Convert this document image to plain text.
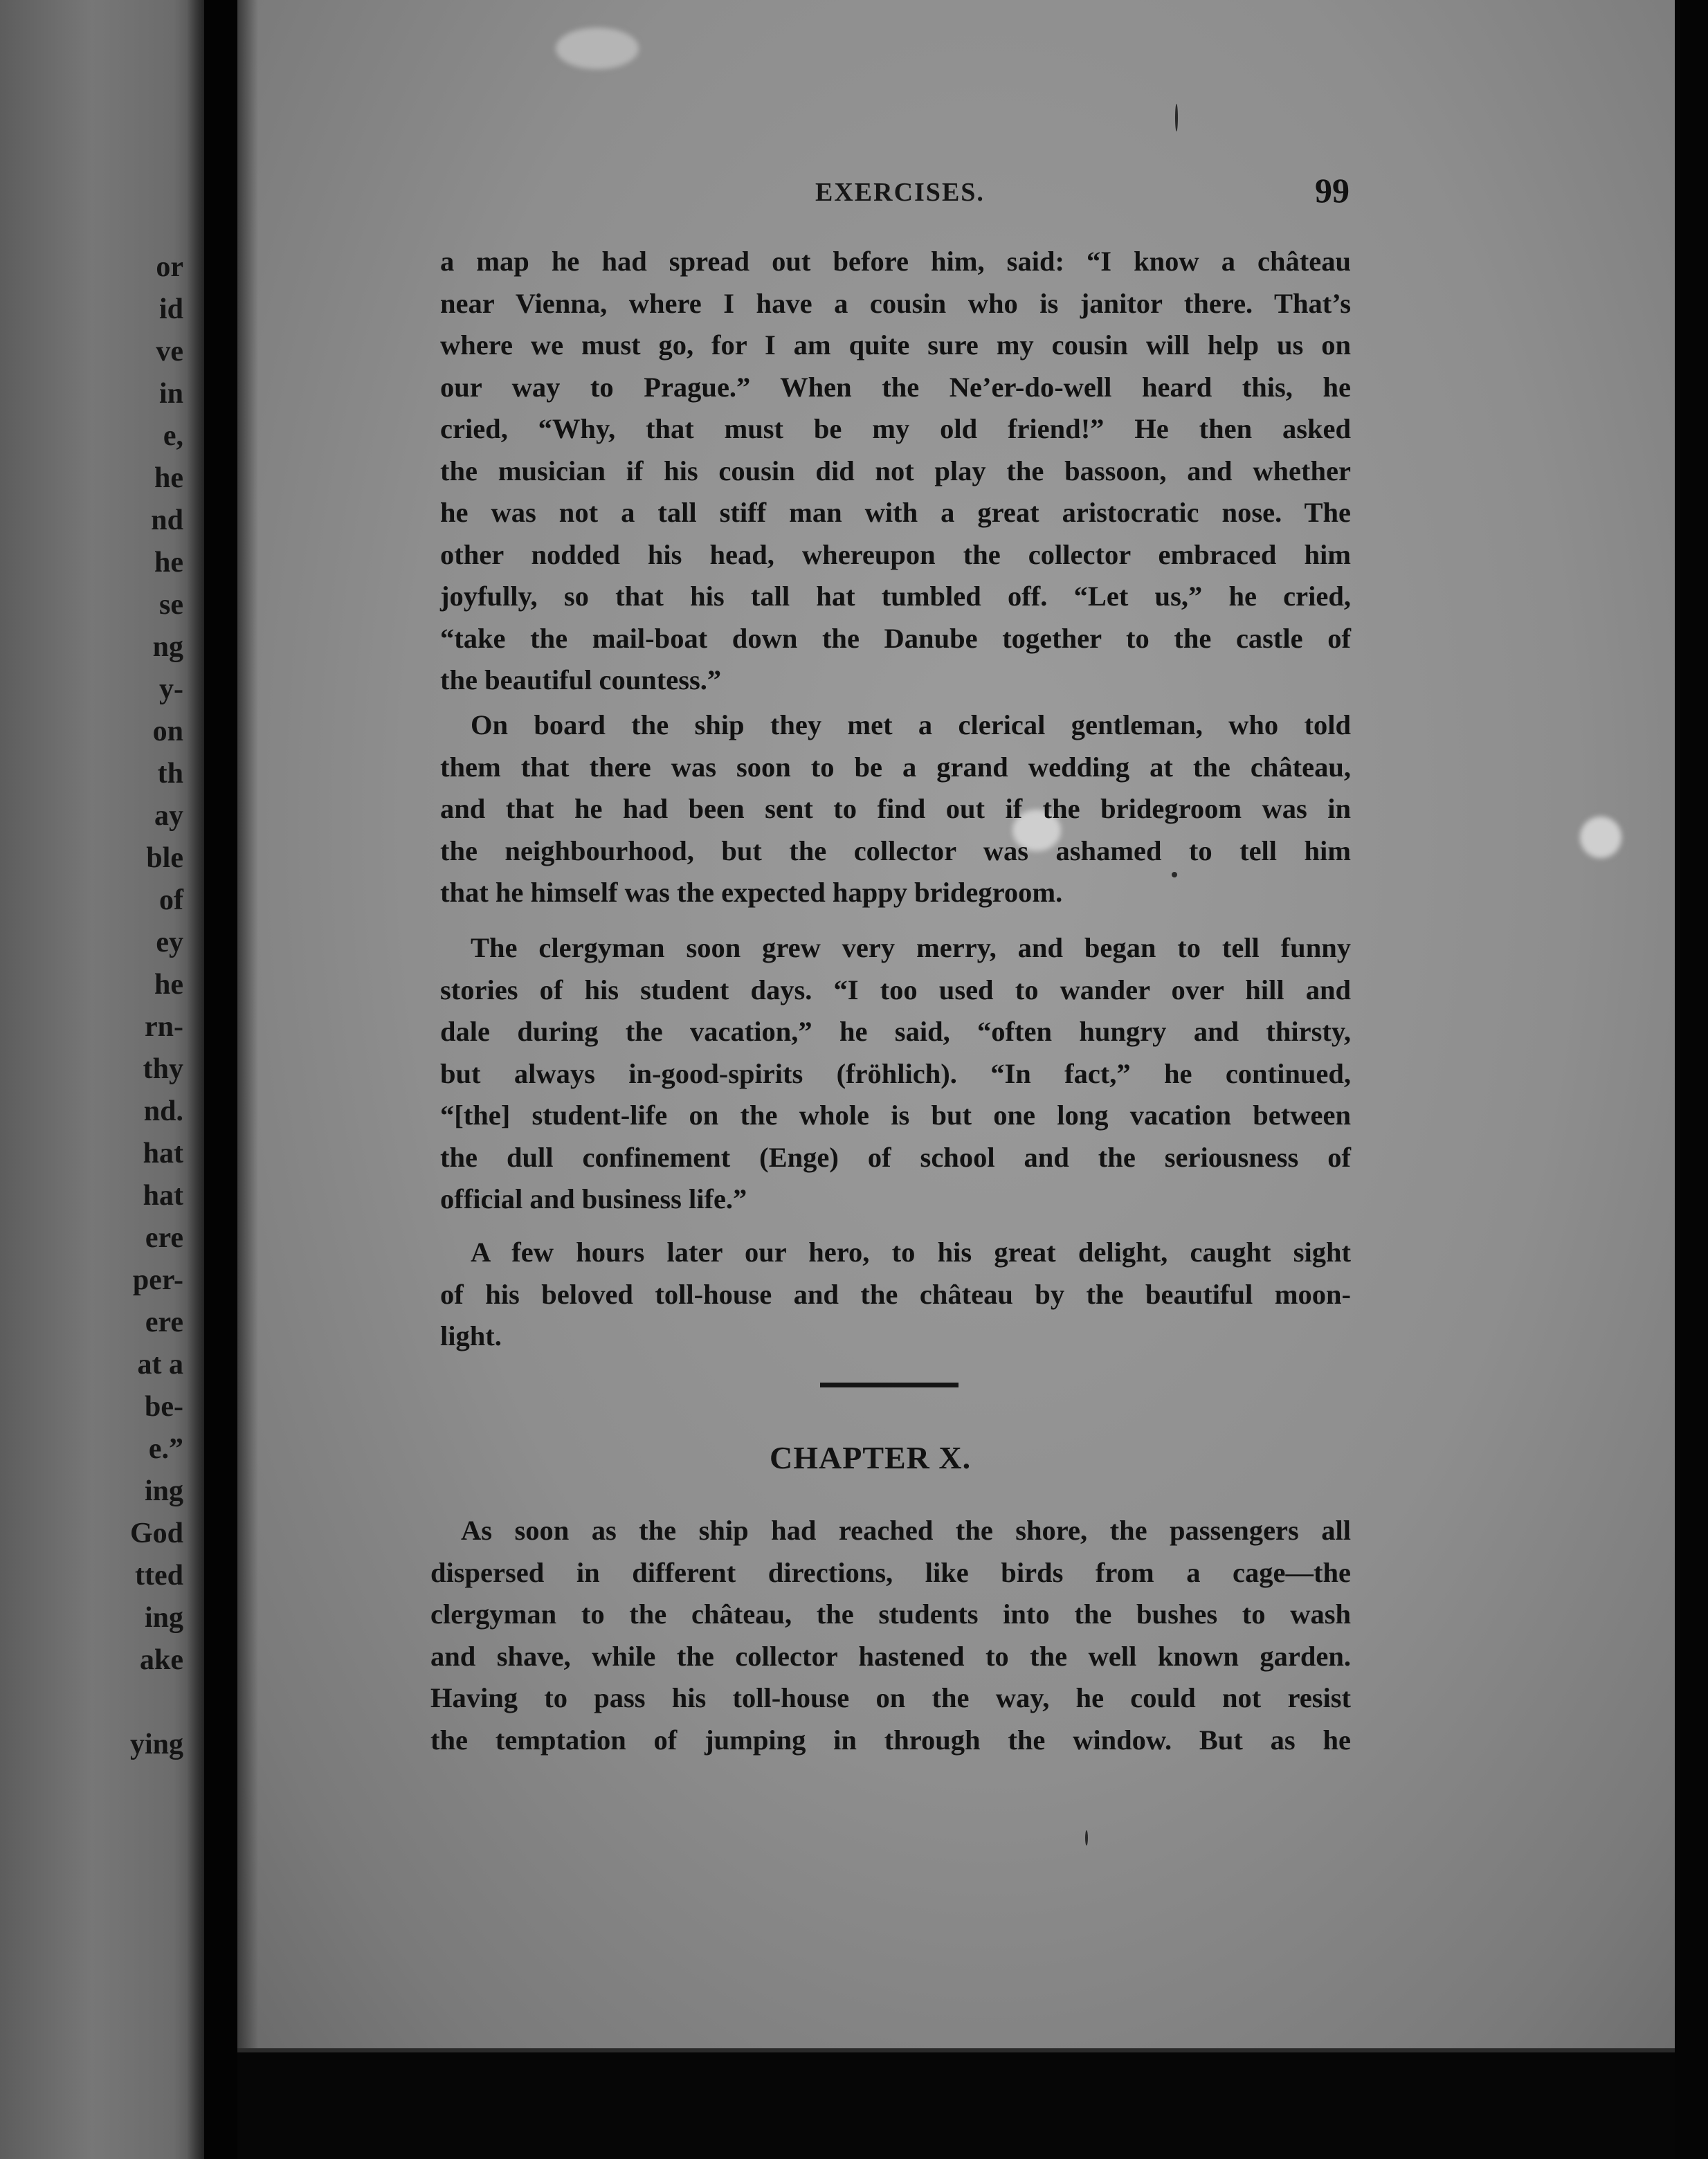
or
id
ve
in
e,
he
nd
he
se
ng
y-
on
th
ay
ble
of
ey
he
rn-
thy
nd.
hat
hat
ere
per-
ere
at a
be-
e.”
ing
God
tted
ing
ake
ying
EXERCISES.	99
a map he had spread out before him, said: “I know a château
near Vienna, where I have a cousin who is janitor there. That’s
where we must go, for I am quite sure my cousin will help us on
our way to Prague.” When the Ne’er-do-well heard this, he
cried, “Why, that must be my old friend!” He then asked
the musician if his cousin did not play the bassoon, and whether
he was not a tall stiff man with a great aristocratic nose. The
other nodded his head, whereupon the collector embraced him
joyfully, so that his tall hat tumbled off. “Let us,” he cried,
“take the mail-boat down the Danube together to the castle of
the beautiful countess.”
On board the ship they met a clerical gentleman, who told
them that there was soon to be a grand wedding at the château,
and that he had been sent to find out if the bridegroom was in
the neighbourhood, but the collector was ashamed to tell him
that he himself was the expected happy bridegroom.
The clergyman soon grew very merry, and began to tell funny
stories of his student days. “I too used to wander over hill and
dale during the vacation,” he said, “often hungry and thirsty,
but always in-good-spirits (fröhlich). “In fact,” he continued,
“[the] student-life on the whole is but one long vacation between
the dull confinement (Enge) of school and the seriousness of
official and business life.”
A few hours later our hero, to his great delight, caught sight
of his beloved toll-house and the château by the beautiful moon-
light.
CHAPTER X.
As soon as the ship had reached the shore, the passengers all
dispersed in different directions, like birds from a cage—the
clergyman to the château, the students into the bushes to wash
and shave, while the collector hastened to the well known garden.
Having to pass his toll-house on the way, he could not resist
the temptation of jumping in through the window. But as he
